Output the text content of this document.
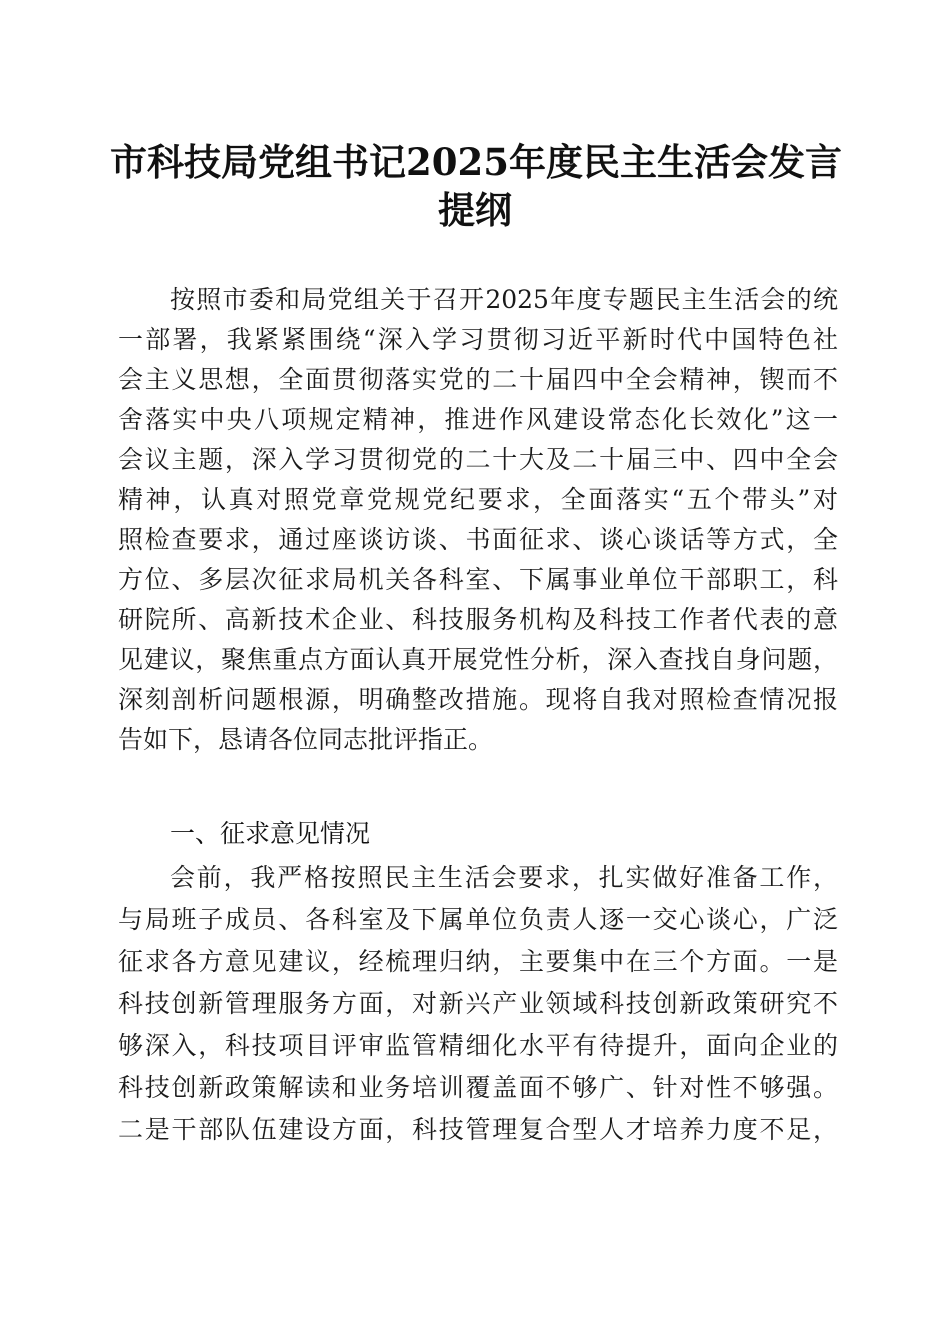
市科技局党组书记2025年度民主生活会发言
提纲
按照市委和局党组关于召开2025年度专题民主生活会的统
一部署，我紧紧围绕“深入学习贯彻习近平新时代中国特色社
会主义思想，全面贯彻落实党的二十届四中全会精神，锲而不
舍落实中央八项规定精神，推进作风建设常态化长效化”这一
会议主题，深入学习贯彻党的二十大及二十届三中、四中全会
精神，认真对照党章党规党纪要求，全面落实“五个带头”对
照检查要求，通过座谈访谈、书面征求、谈心谈话等方式，全
方位、多层次征求局机关各科室、下属事业单位干部职工，科
研院所、高新技术企业、科技服务机构及科技工作者代表的意
见建议，聚焦重点方面认真开展党性分析，深入查找自身问题，
深刻剖析问题根源，明确整改措施。现将自我对照检查情况报
告如下，恳请各位同志批评指正。
一、征求意见情况
会前，我严格按照民主生活会要求，扎实做好准备工作，
与局班子成员、各科室及下属单位负责人逐一交心谈心，广泛
征求各方意见建议，经梳理归纳，主要集中在三个方面。一是
科技创新管理服务方面，对新兴产业领域科技创新政策研究不
够深入，科技项目评审监管精细化水平有待提升，面向企业的
科技创新政策解读和业务培训覆盖面不够广、针对性不够强。
二是干部队伍建设方面，科技管理复合型人才培养力度不足，
